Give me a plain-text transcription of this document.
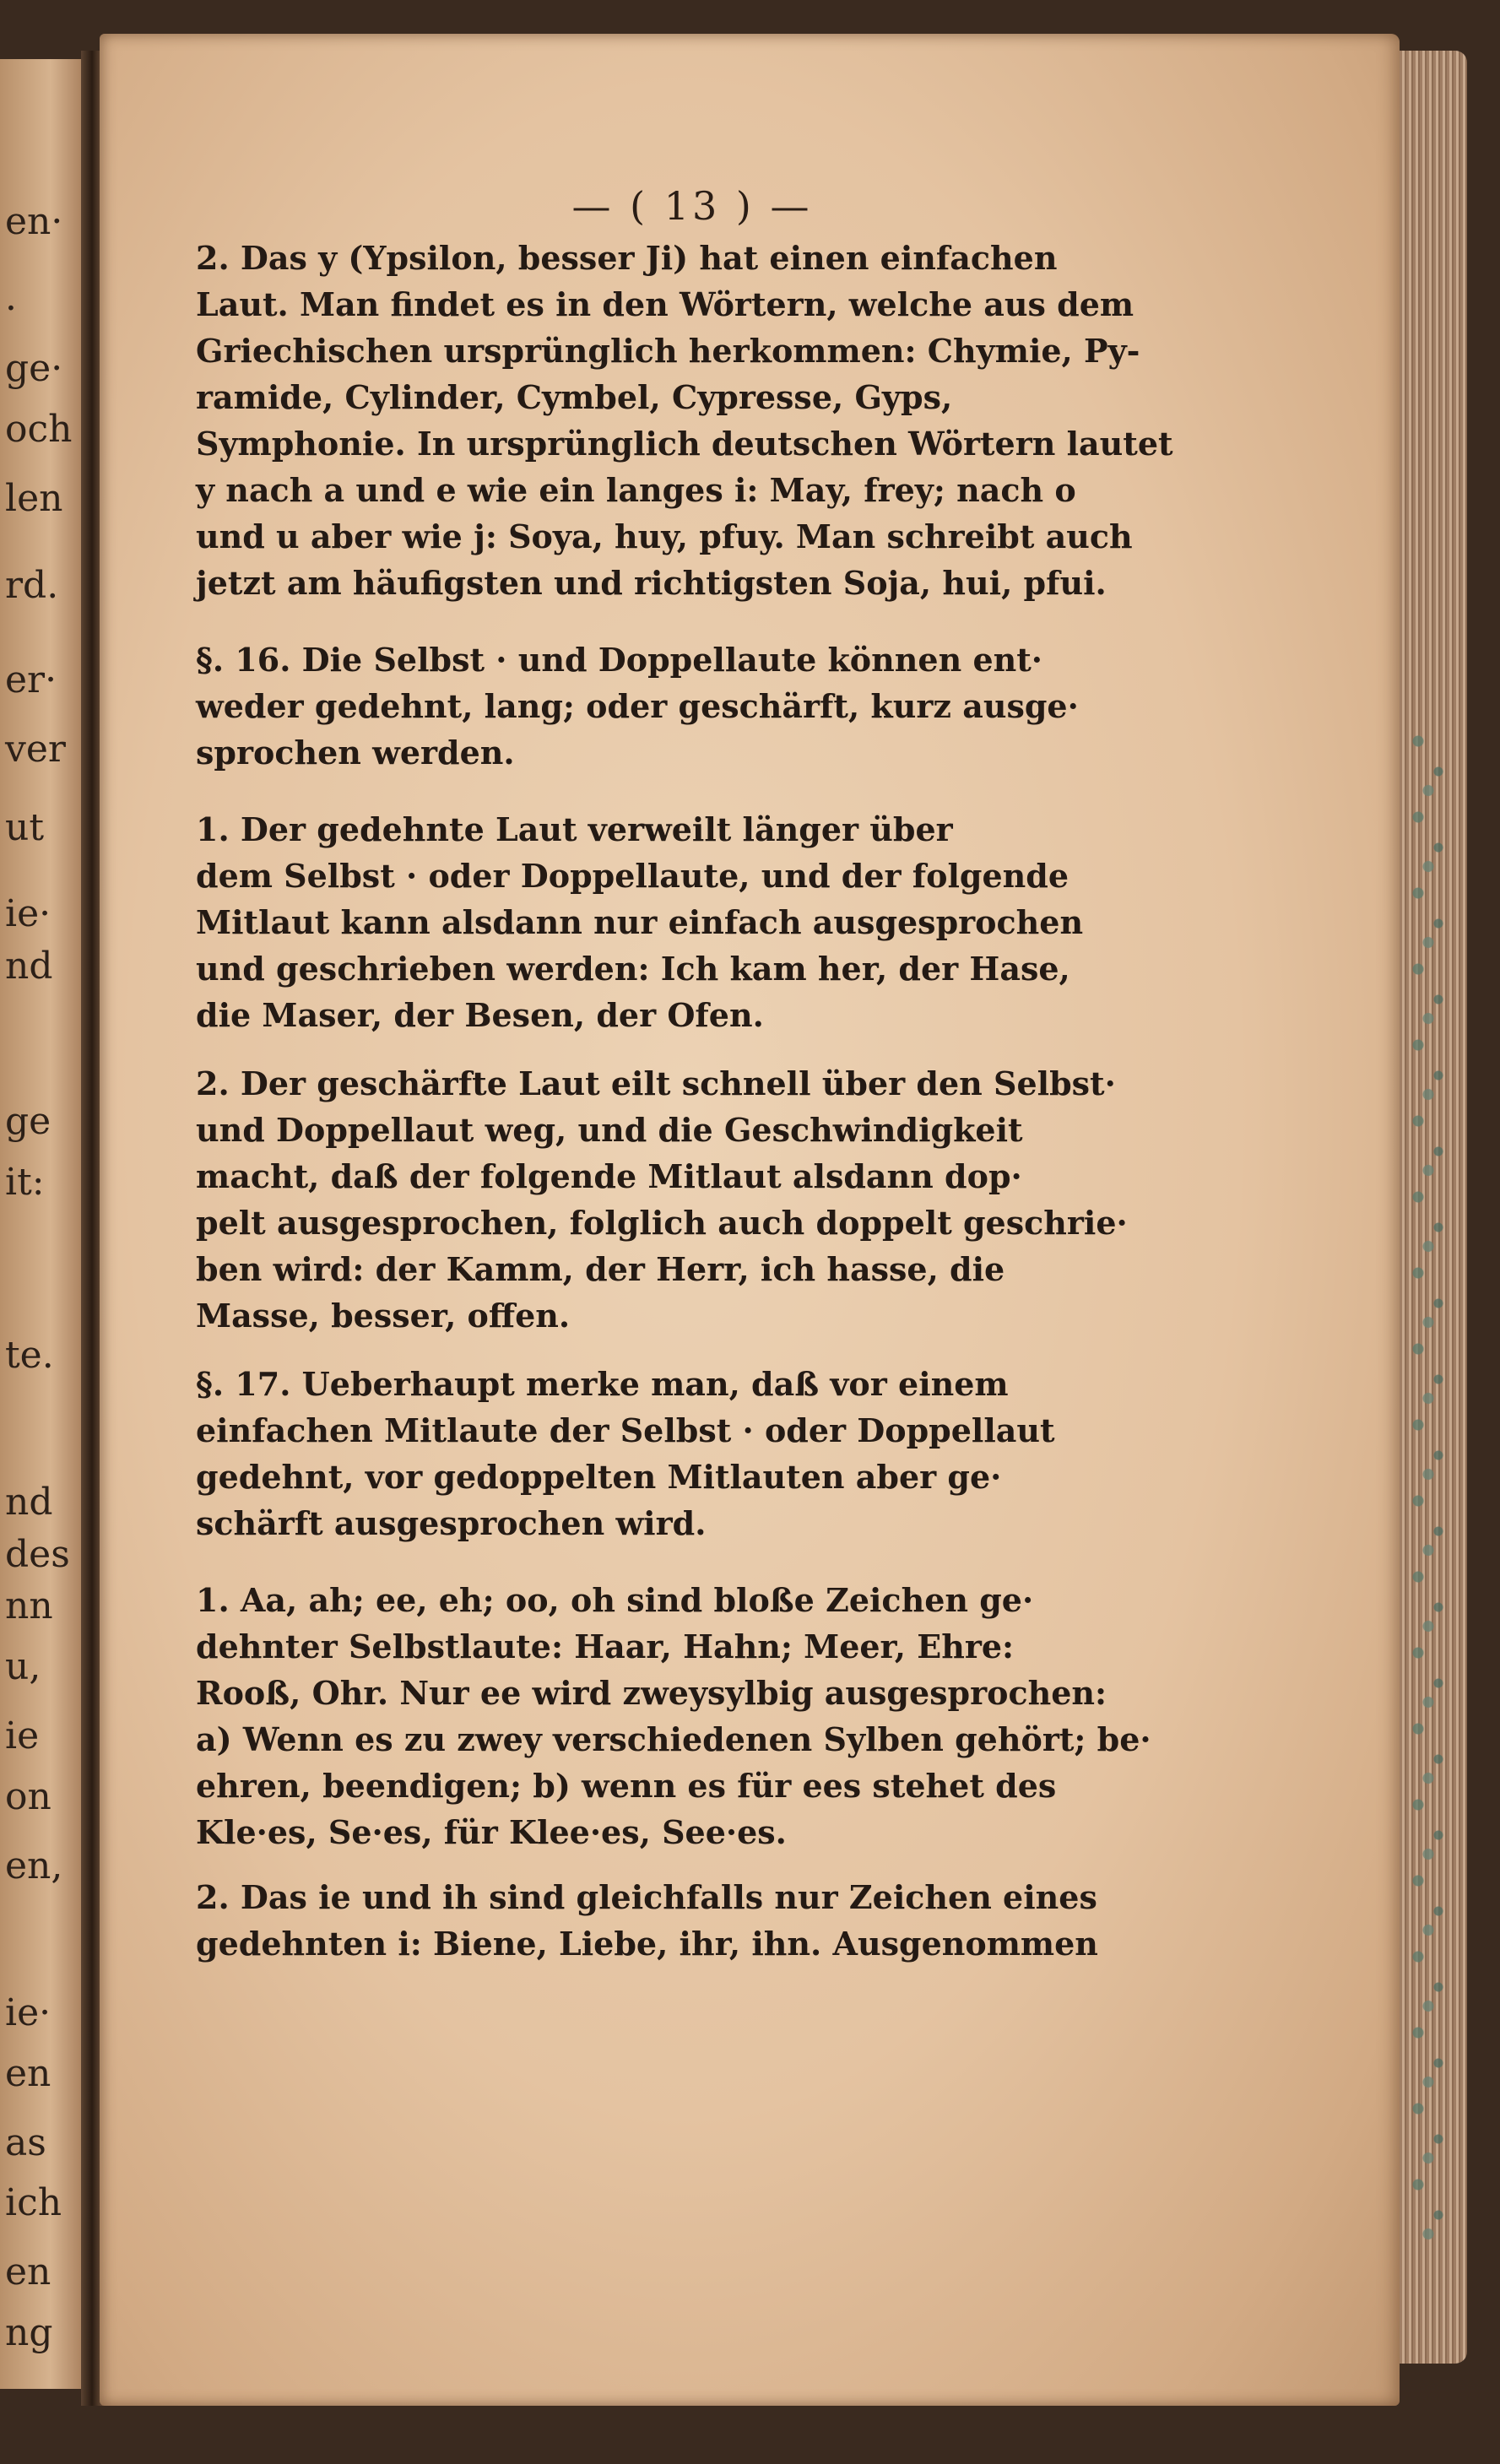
en·
·
ge·
och
len
rd.
er·
ver
ut
ie·
nd
ge
it:
te.
nd
des
nn
u,
ie
on
en,
ie·
en
as
ich
en
ng
— ( 13 ) —
2. Das y (Ypsilon, besser Ji) hat einen einfachen
Laut. Man findet es in den Wörtern, welche aus dem
Griechischen ursprünglich herkommen: Chymie, Py-
ramide, Cylinder, Cymbel, Cypresse, Gyps,
Symphonie. In ursprünglich deutschen Wörtern lautet
y nach a und e wie ein langes i: May, frey; nach o
und u aber wie j: Soya, huy, pfuy. Man schreibt auch
jetzt am häufigsten und richtigsten Soja, hui, pfui.
§. 16. Die Selbst · und Doppellaute können ent·
weder gedehnt, lang; oder geschärft, kurz ausge·
sprochen werden.
1. Der gedehnte Laut verweilt länger über
dem Selbst · oder Doppellaute, und der folgende
Mitlaut kann alsdann nur einfach ausgesprochen
und geschrieben werden: Ich kam her, der Hase,
die Maser, der Besen, der Ofen.
2. Der geschärfte Laut eilt schnell über den Selbst·
und Doppellaut weg, und die Geschwindigkeit
macht, daß der folgende Mitlaut alsdann dop·
pelt ausgesprochen, folglich auch doppelt geschrie·
ben wird: der Kamm, der Herr, ich hasse, die
Masse, besser, offen.
§. 17. Ueberhaupt merke man, daß vor einem
einfachen Mitlaute der Selbst · oder Doppellaut
gedehnt, vor gedoppelten Mitlauten aber ge·
schärft ausgesprochen wird.
1. Aa, ah; ee, eh; oo, oh sind bloße Zeichen ge·
dehnter Selbstlaute: Haar, Hahn; Meer, Ehre:
Rooß, Ohr. Nur ee wird zweysylbig ausgesprochen:
a) Wenn es zu zwey verschiedenen Sylben gehört; be·
ehren, beendigen; b) wenn es für ees stehet des
Kle·es, Se·es, für Klee·es, See·es.
2. Das ie und ih sind gleichfalls nur Zeichen eines
gedehnten i: Biene, Liebe, ihr, ihn. Ausgenommen
